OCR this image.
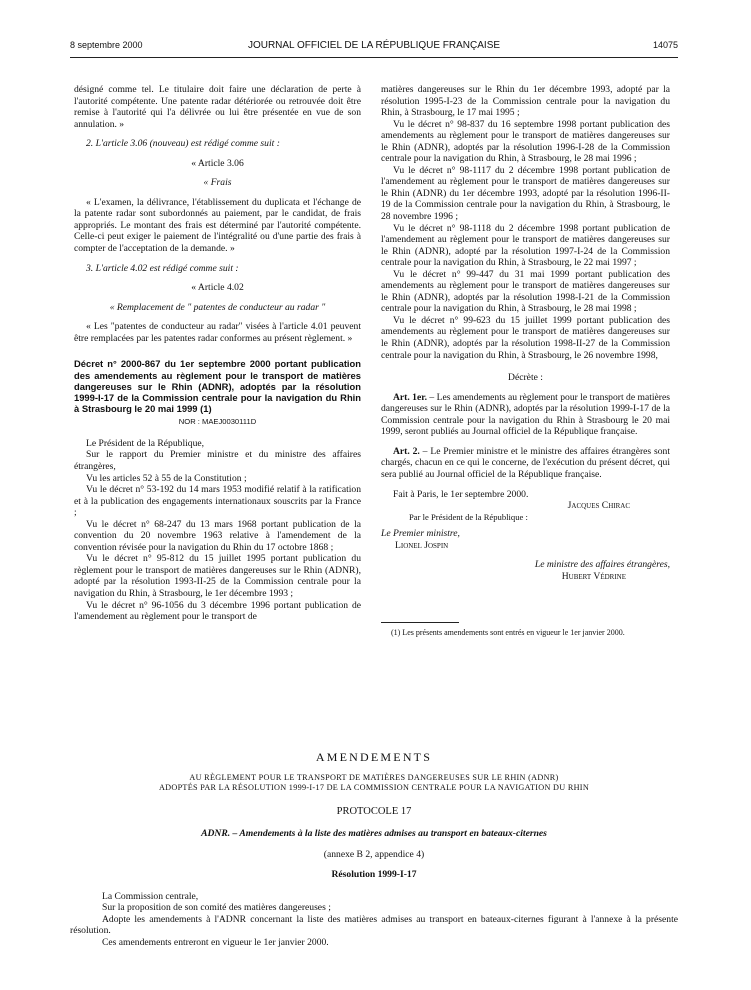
8 septembre 2000	JOURNAL OFFICIEL DE LA RÉPUBLIQUE FRANÇAISE	14075

désigné comme tel. Le titulaire doit faire une déclaration de perte à l'autorité compétente. Une patente radar détériorée ou retrouvée doit être remise à l'autorité qui l'a délivrée ou lui être présentée en vue de son annulation. »

2. L'article 3.06 (nouveau) est rédigé comme suit :

« Article 3.06

« Frais

« L'examen, la délivrance, l'établissement du duplicata et l'échange de la patente radar sont subordonnés au paiement, par le candidat, de frais appropriés. Le montant des frais est déterminé par l'autorité compétente. Celle-ci peut exiger le paiement de l'intégralité ou d'une partie des frais à compter de l'acceptation de la demande. »

3. L'article 4.02 est rédigé comme suit :

« Article 4.02

« Remplacement de " patentes de conducteur au radar "

« Les "patentes de conducteur au radar" visées à l'article 4.01 peuvent être remplacées par les patentes radar conformes au présent règlement. »

Décret n° 2000-867 du 1er septembre 2000 portant publication des amendements au règlement pour le transport de matières dangereuses sur le Rhin (ADNR), adoptés par la résolution 1999-I-17 de la Commission centrale pour la navigation du Rhin à Strasbourg le 20 mai 1999 (1)

NOR : MAEJ0030111D

Le Président de la République,

Sur le rapport du Premier ministre et du ministre des affaires étrangères,

Vu les articles 52 à 55 de la Constitution ;

Vu le décret n° 53-192 du 14 mars 1953 modifié relatif à la ratification et à la publication des engagements internationaux souscrits par la France ;

Vu le décret n° 68-247 du 13 mars 1968 portant publication de la convention du 20 novembre 1963 relative à l'amendement de la convention révisée pour la navigation du Rhin du 17 octobre 1868 ;

Vu le décret n° 95-812 du 15 juillet 1995 portant publication du règlement pour le transport de matières dangereuses sur le Rhin (ADNR), adopté par la résolution 1993-II-25 de la Commission centrale pour la navigation du Rhin, à Strasbourg, le 1er décembre 1993 ;

Vu le décret n° 96-1056 du 3 décembre 1996 portant publication de l'amendement au règlement pour le transport de

matières dangereuses sur le Rhin du 1er décembre 1993, adopté par la résolution 1995-I-23 de la Commission centrale pour la navigation du Rhin, à Strasbourg, le 17 mai 1995 ;

Vu le décret n° 98-837 du 16 septembre 1998 portant publication des amendements au règlement pour le transport de matières dangereuses sur le Rhin (ADNR), adoptés par la résolution 1996-I-28 de la Commission centrale pour la navigation du Rhin, à Strasbourg, le 28 mai 1996 ;

Vu le décret n° 98-1117 du 2 décembre 1998 portant publication de l'amendement au règlement pour le transport de matières dangereuses sur le Rhin (ADNR) du 1er décembre 1993, adopté par la résolution 1996-II-19 de la Commission centrale pour la navigation du Rhin, à Strasbourg, le 28 novembre 1996 ;

Vu le décret n° 98-1118 du 2 décembre 1998 portant publication de l'amendement au règlement pour le transport de matières dangereuses sur le Rhin (ADNR), adopté par la résolution 1997-I-24 de la Commission centrale pour la navigation du Rhin, à Strasbourg, le 22 mai 1997 ;

Vu le décret n° 99-447 du 31 mai 1999 portant publication des amendements au règlement pour le transport de matières dangereuses sur le Rhin (ADNR), adoptés par la résolution 1998-I-21 de la Commission centrale pour la navigation du Rhin, à Strasbourg, le 28 mai 1998 ;

Vu le décret n° 99-623 du 15 juillet 1999 portant publication des amendements au règlement pour le transport de matières dangereuses sur le Rhin (ADNR), adoptés par la résolution 1998-II-27 de la Commission centrale pour la navigation du Rhin, à Strasbourg, le 26 novembre 1998,

Décrète :

Art. 1er. – Les amendements au règlement pour le transport de matières dangereuses sur le Rhin (ADNR), adoptés par la résolution 1999-I-17 de la Commission centrale pour la navigation du Rhin à Strasbourg le 20 mai 1999, seront publiés au Journal officiel de la République française.

Art. 2. – Le Premier ministre et le ministre des affaires étrangères sont chargés, chacun en ce qui le concerne, de l'exécution du présent décret, qui sera publié au Journal officiel de la République française.

Fait à Paris, le 1er septembre 2000.

Jacques Chirac

Par le Président de la République :

Le Premier ministre,

Lionel Jospin

Le ministre des affaires étrangères,

Hubert Védrine

(1) Les présents amendements sont entrés en vigueur le 1er janvier 2000.

AMENDEMENTS

AU RÈGLEMENT POUR LE TRANSPORT DE MATIÈRES DANGEREUSES SUR LE RHIN (ADNR)

ADOPTÉS PAR LA RÉSOLUTION 1999-I-17 DE LA COMMISSION CENTRALE POUR LA NAVIGATION DU RHIN

PROTOCOLE 17

ADNR. – Amendements à la liste des matières admises au transport en bateaux-citernes

(annexe B 2, appendice 4)

Résolution 1999-I-17

La Commission centrale,

Sur la proposition de son comité des matières dangereuses ;

Adopte les amendements à l'ADNR concernant la liste des matières admises au transport en bateaux-citernes figurant à l'annexe à la présente résolution.

Ces amendements entreront en vigueur le 1er janvier 2000.
